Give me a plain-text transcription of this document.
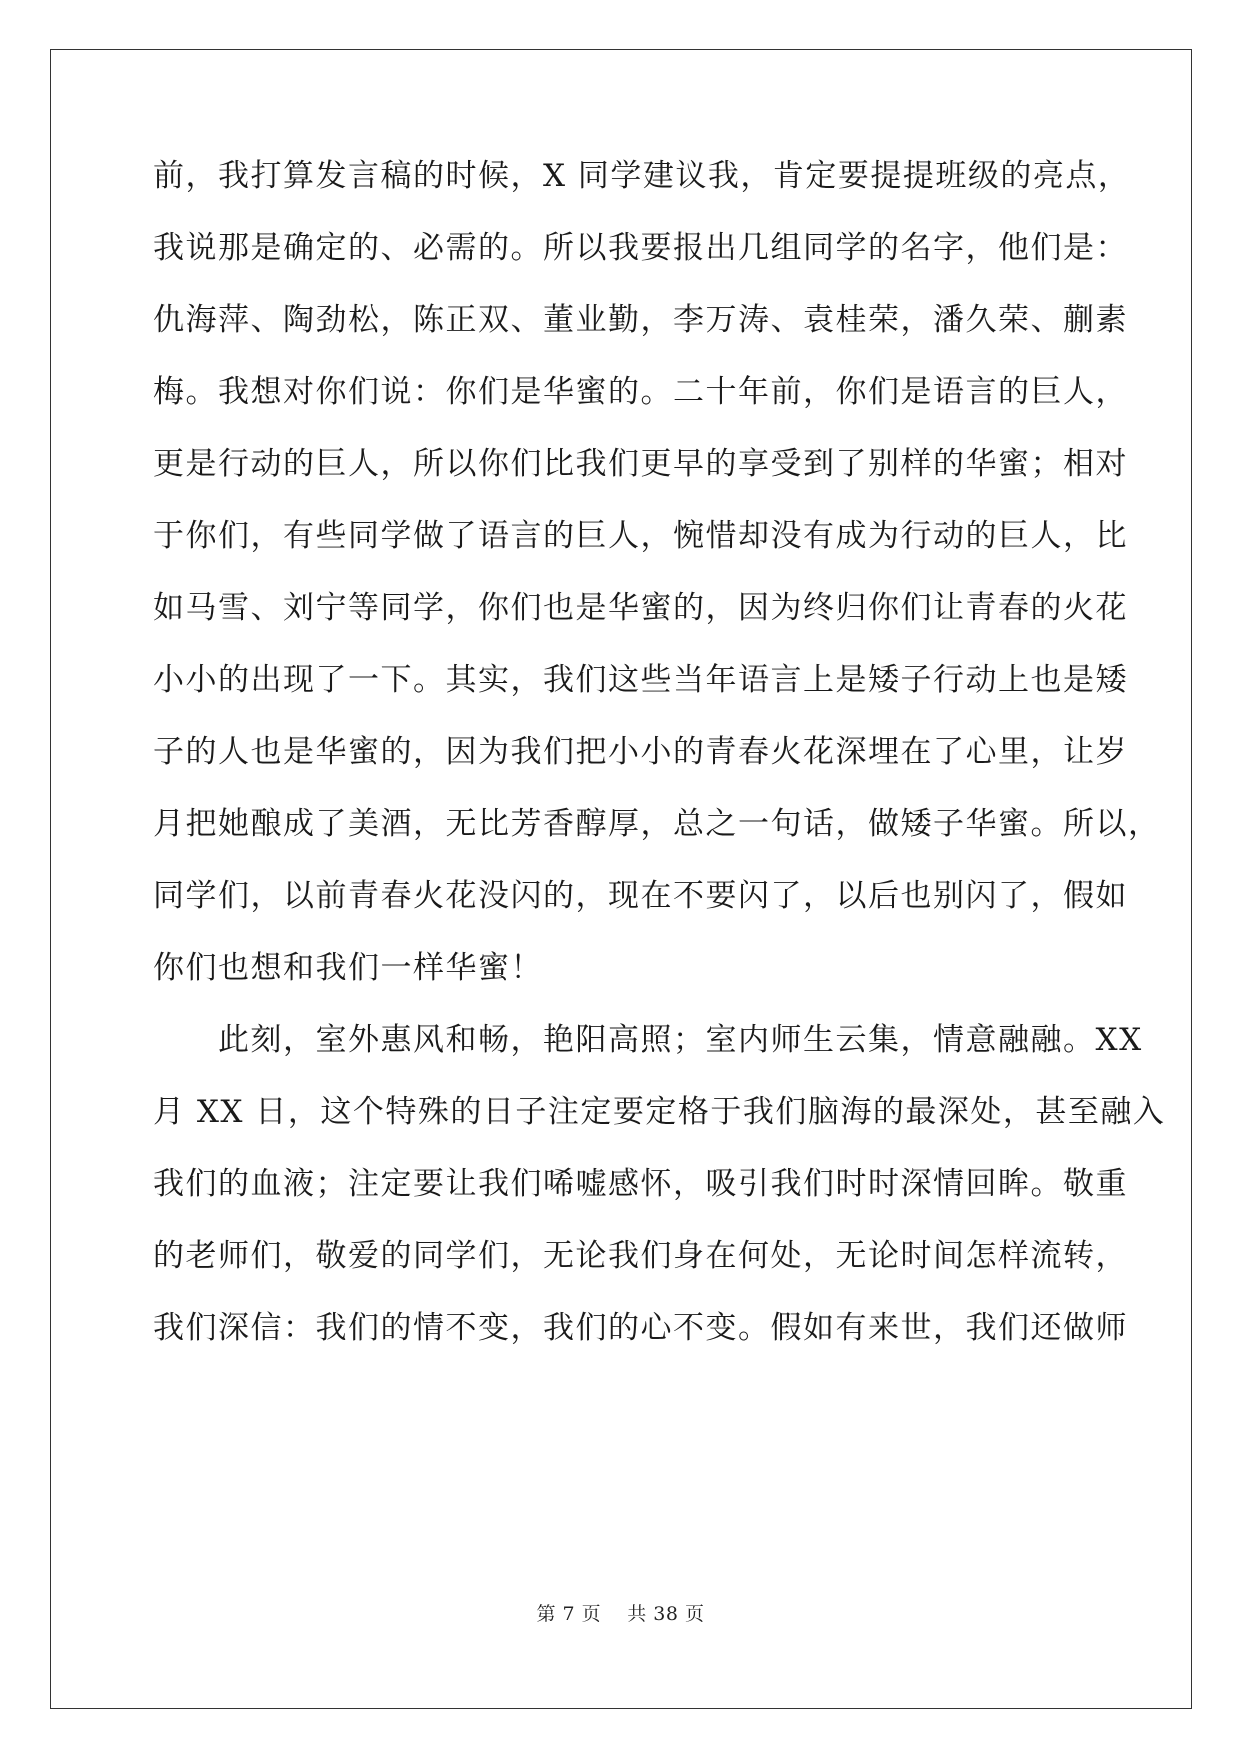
前，我打算发言稿的时候，X 同学建议我，肯定要提提班级的亮点，
我说那是确定的、必需的。所以我要报出几组同学的名字，他们是：
仇海萍、陶劲松，陈正双、董业勤，李万涛、袁桂荣，潘久荣、蒯素
梅。我想对你们说：你们是华蜜的。二十年前，你们是语言的巨人，
更是行动的巨人，所以你们比我们更早的享受到了别样的华蜜；相对
于你们，有些同学做了语言的巨人，惋惜却没有成为行动的巨人，比
如马雪、刘宁等同学，你们也是华蜜的，因为终归你们让青春的火花
小小的出现了一下。其实，我们这些当年语言上是矮子行动上也是矮
子的人也是华蜜的，因为我们把小小的青春火花深埋在了心里，让岁
月把她酿成了美酒，无比芳香醇厚，总之一句话，做矮子华蜜。所以，
同学们，以前青春火花没闪的，现在不要闪了，以后也别闪了，假如
你们也想和我们一样华蜜！
　　此刻，室外惠风和畅，艳阳高照；室内师生云集，情意融融。XX
月 XX 日，这个特殊的日子注定要定格于我们脑海的最深处，甚至融入
我们的血液；注定要让我们唏嘘感怀，吸引我们时时深情回眸。敬重
的老师们，敬爱的同学们，无论我们身在何处，无论时间怎样流转，
我们深信：我们的情不变，我们的心不变。假如有来世，我们还做师
第 7 页　 共 38 页
